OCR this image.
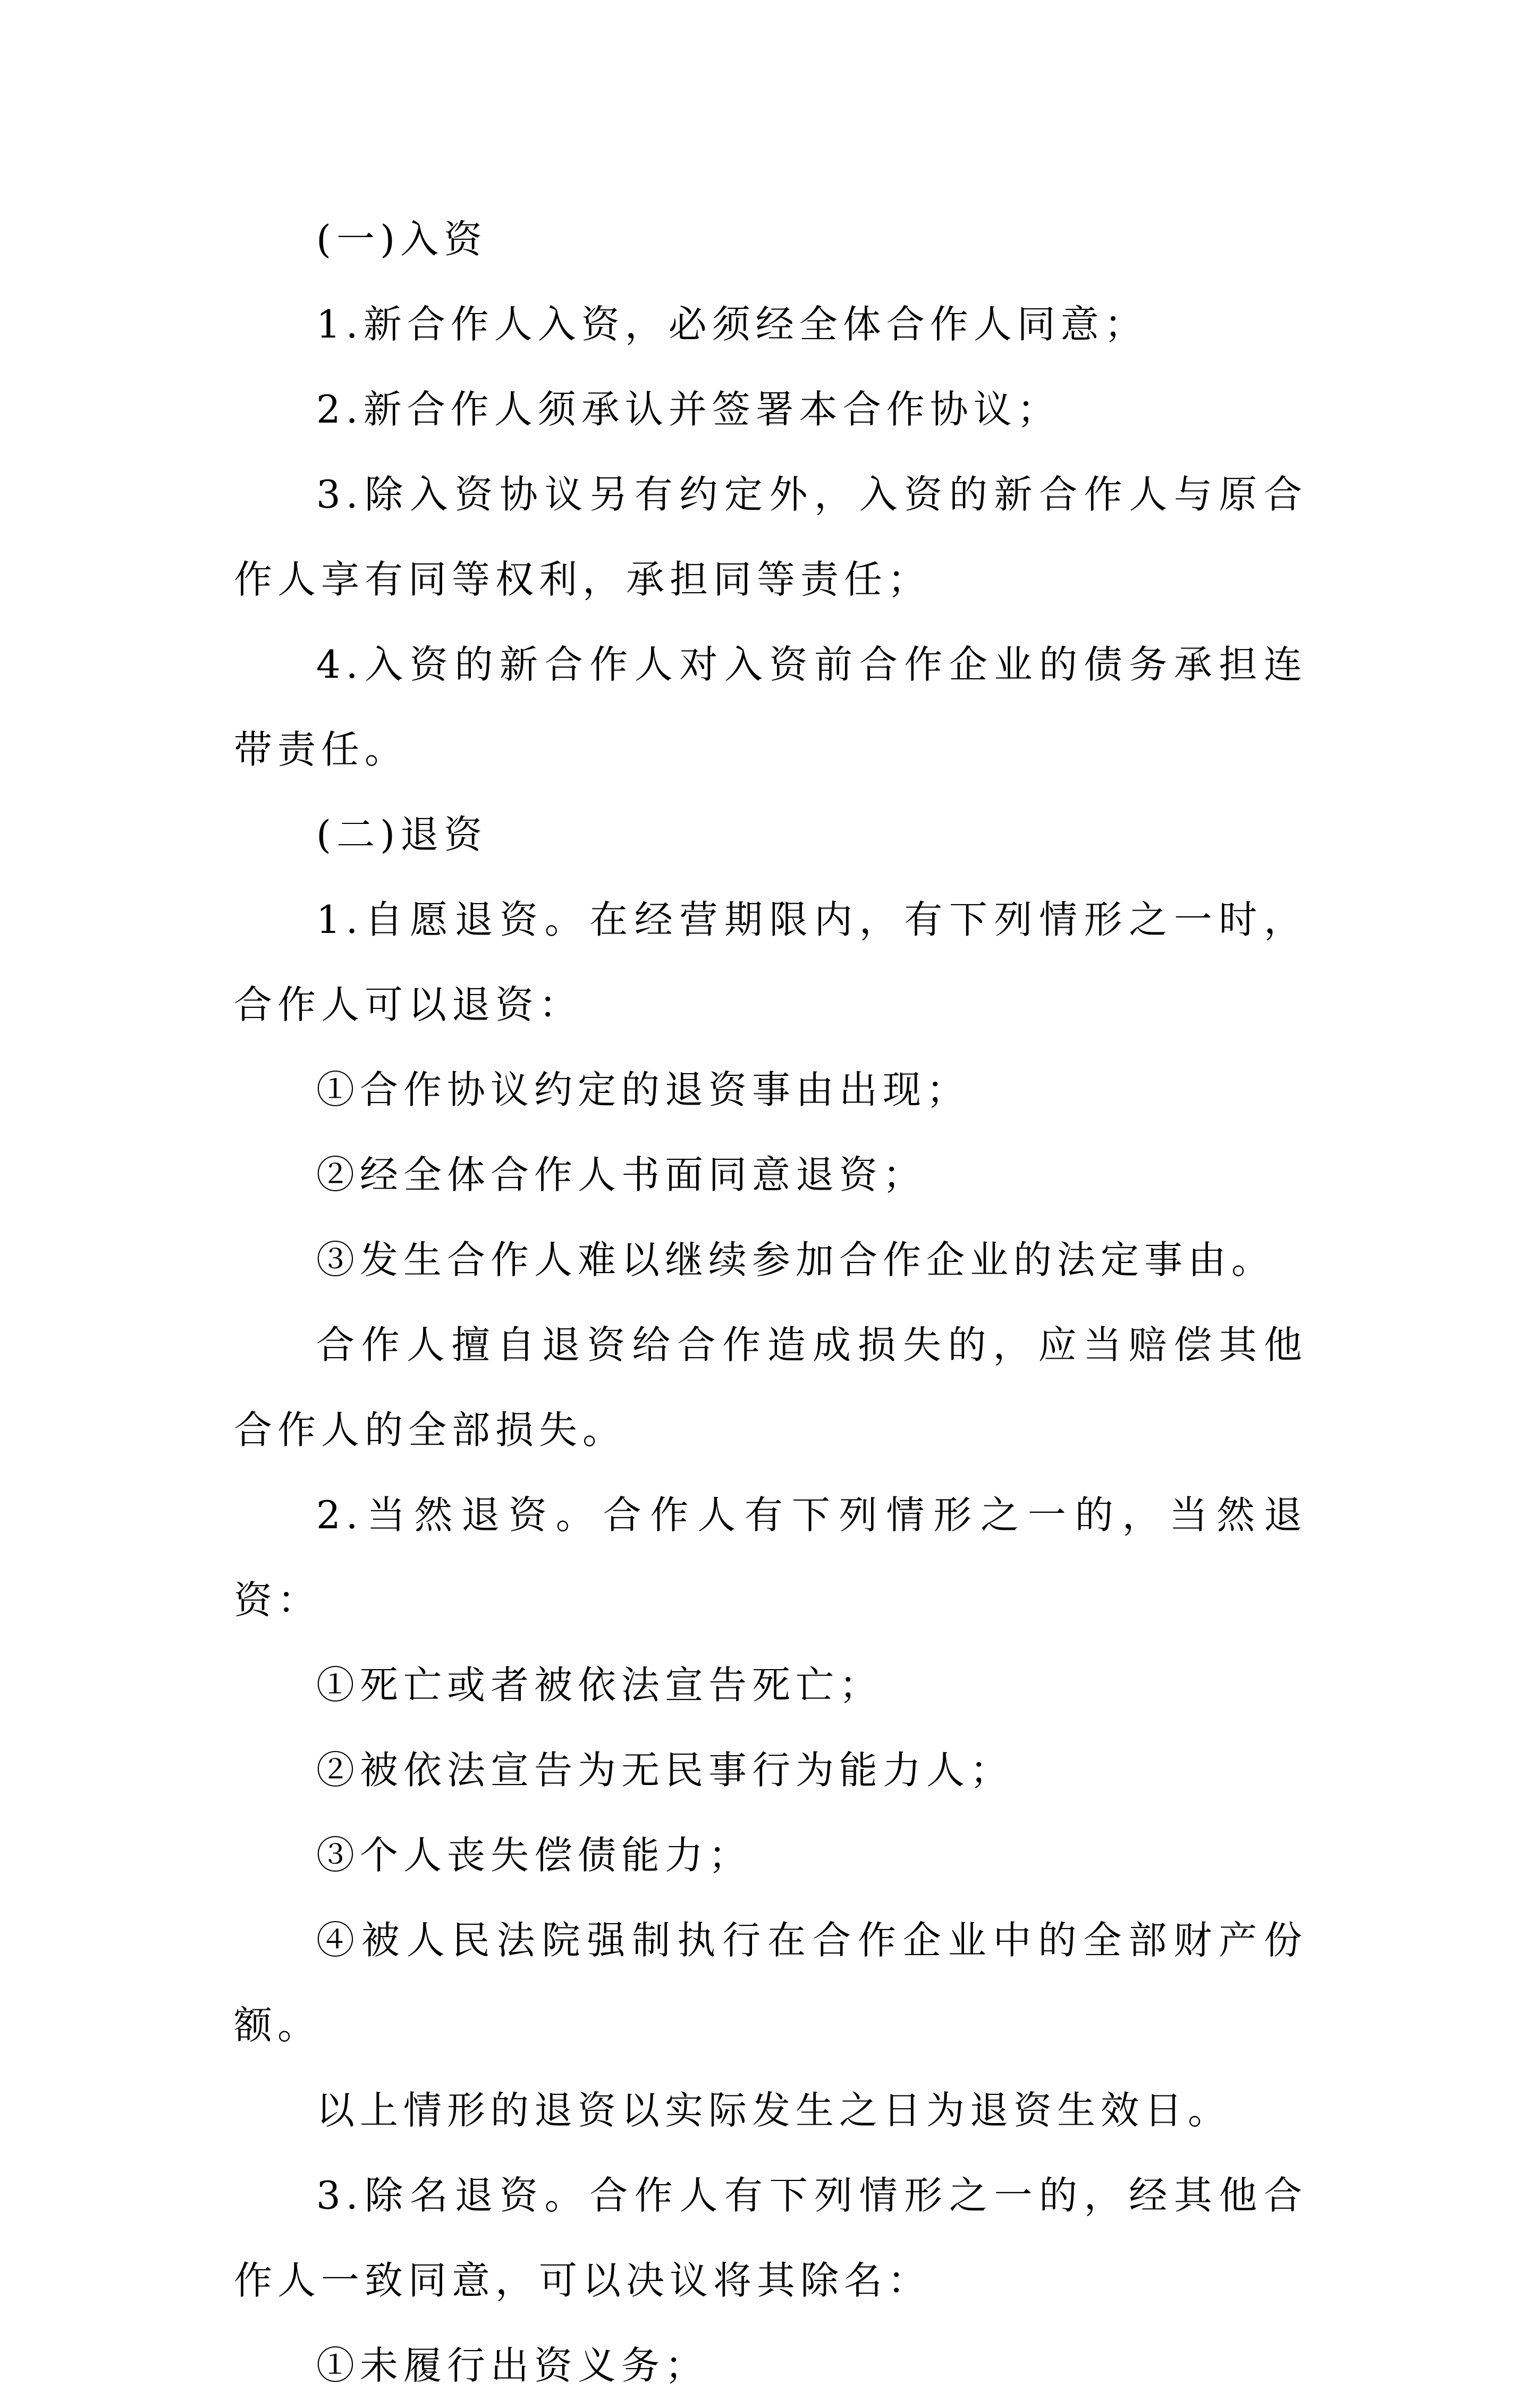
(一)入资

1.新合作人入资，必须经全体合作人同意；

2.新合作人须承认并签署本合作协议；

3.除入资协议另有约定外，入资的新合作人与原合作人享有同等权利，承担同等责任；

4.入资的新合作人对入资前合作企业的债务承担连带责任。

(二)退资

1.自愿退资。在经营期限内，有下列情形之一时，合作人可以退资：

①合作协议约定的退资事由出现；

②经全体合作人书面同意退资；

③发生合作人难以继续参加合作企业的法定事由。

合作人擅自退资给合作造成损失的，应当赔偿其他合作人的全部损失。

2.当然退资。合作人有下列情形之一的，当然退资：

①死亡或者被依法宣告死亡；

②被依法宣告为无民事行为能力人；

③个人丧失偿债能力；

④被人民法院强制执行在合作企业中的全部财产份额。

以上情形的退资以实际发生之日为退资生效日。

3.除名退资。合作人有下列情形之一的，经其他合作人一致同意，可以决议将其除名：

①未履行出资义务；
